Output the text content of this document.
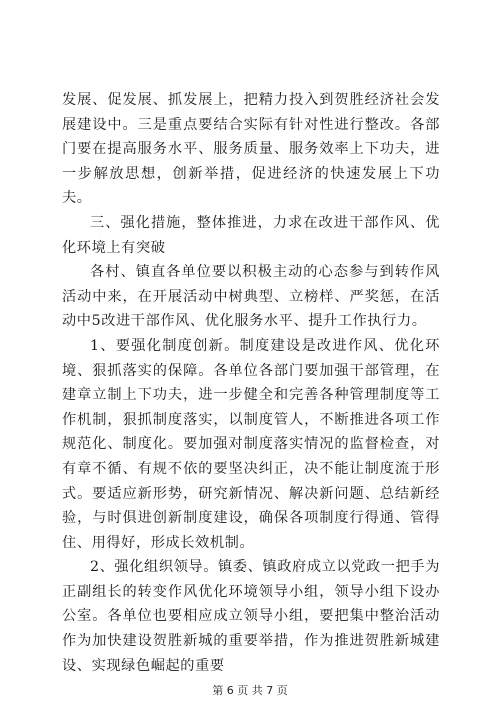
发展、促发展、抓发展上，把精力投入到贺胜经济社会发展建设中。三是重点要结合实际有针对性进行整改。各部门要在提高服务水平、服务质量、服务效率上下功夫，进一步解放思想，创新举措，促进经济的快速发展上下功夫。

三、强化措施，整体推进，力求在改进干部作风、优化环境上有突破

各村、镇直各单位要以积极主动的心态参与到转作风活动中来，在开展活动中树典型、立榜样、严奖惩，在活动中5改进干部作风、优化服务水平、提升工作执行力。

1、要强化制度创新。制度建设是改进作风、优化环境、狠抓落实的保障。各单位各部门要加强干部管理，在建章立制上下功夫，进一步健全和完善各种管理制度等工作机制，狠抓制度落实，以制度管人，不断推进各项工作规范化、制度化。要加强对制度落实情况的监督检查，对有章不循、有规不依的要坚决纠正，决不能让制度流于形式。要适应新形势，研究新情况、解决新问题、总结新经验，与时俱进创新制度建设，确保各项制度行得通、管得住、用得好，形成长效机制。

2、强化组织领导。镇委、镇政府成立以党政一把手为正副组长的转变作风优化环境领导小组，领导小组下设办公室。各单位也要相应成立领导小组，要把集中整治活动作为加快建设贺胜新城的重要举措，作为推进贺胜新城建设、实现绿色崛起的重要

第 6 页 共 7 页
